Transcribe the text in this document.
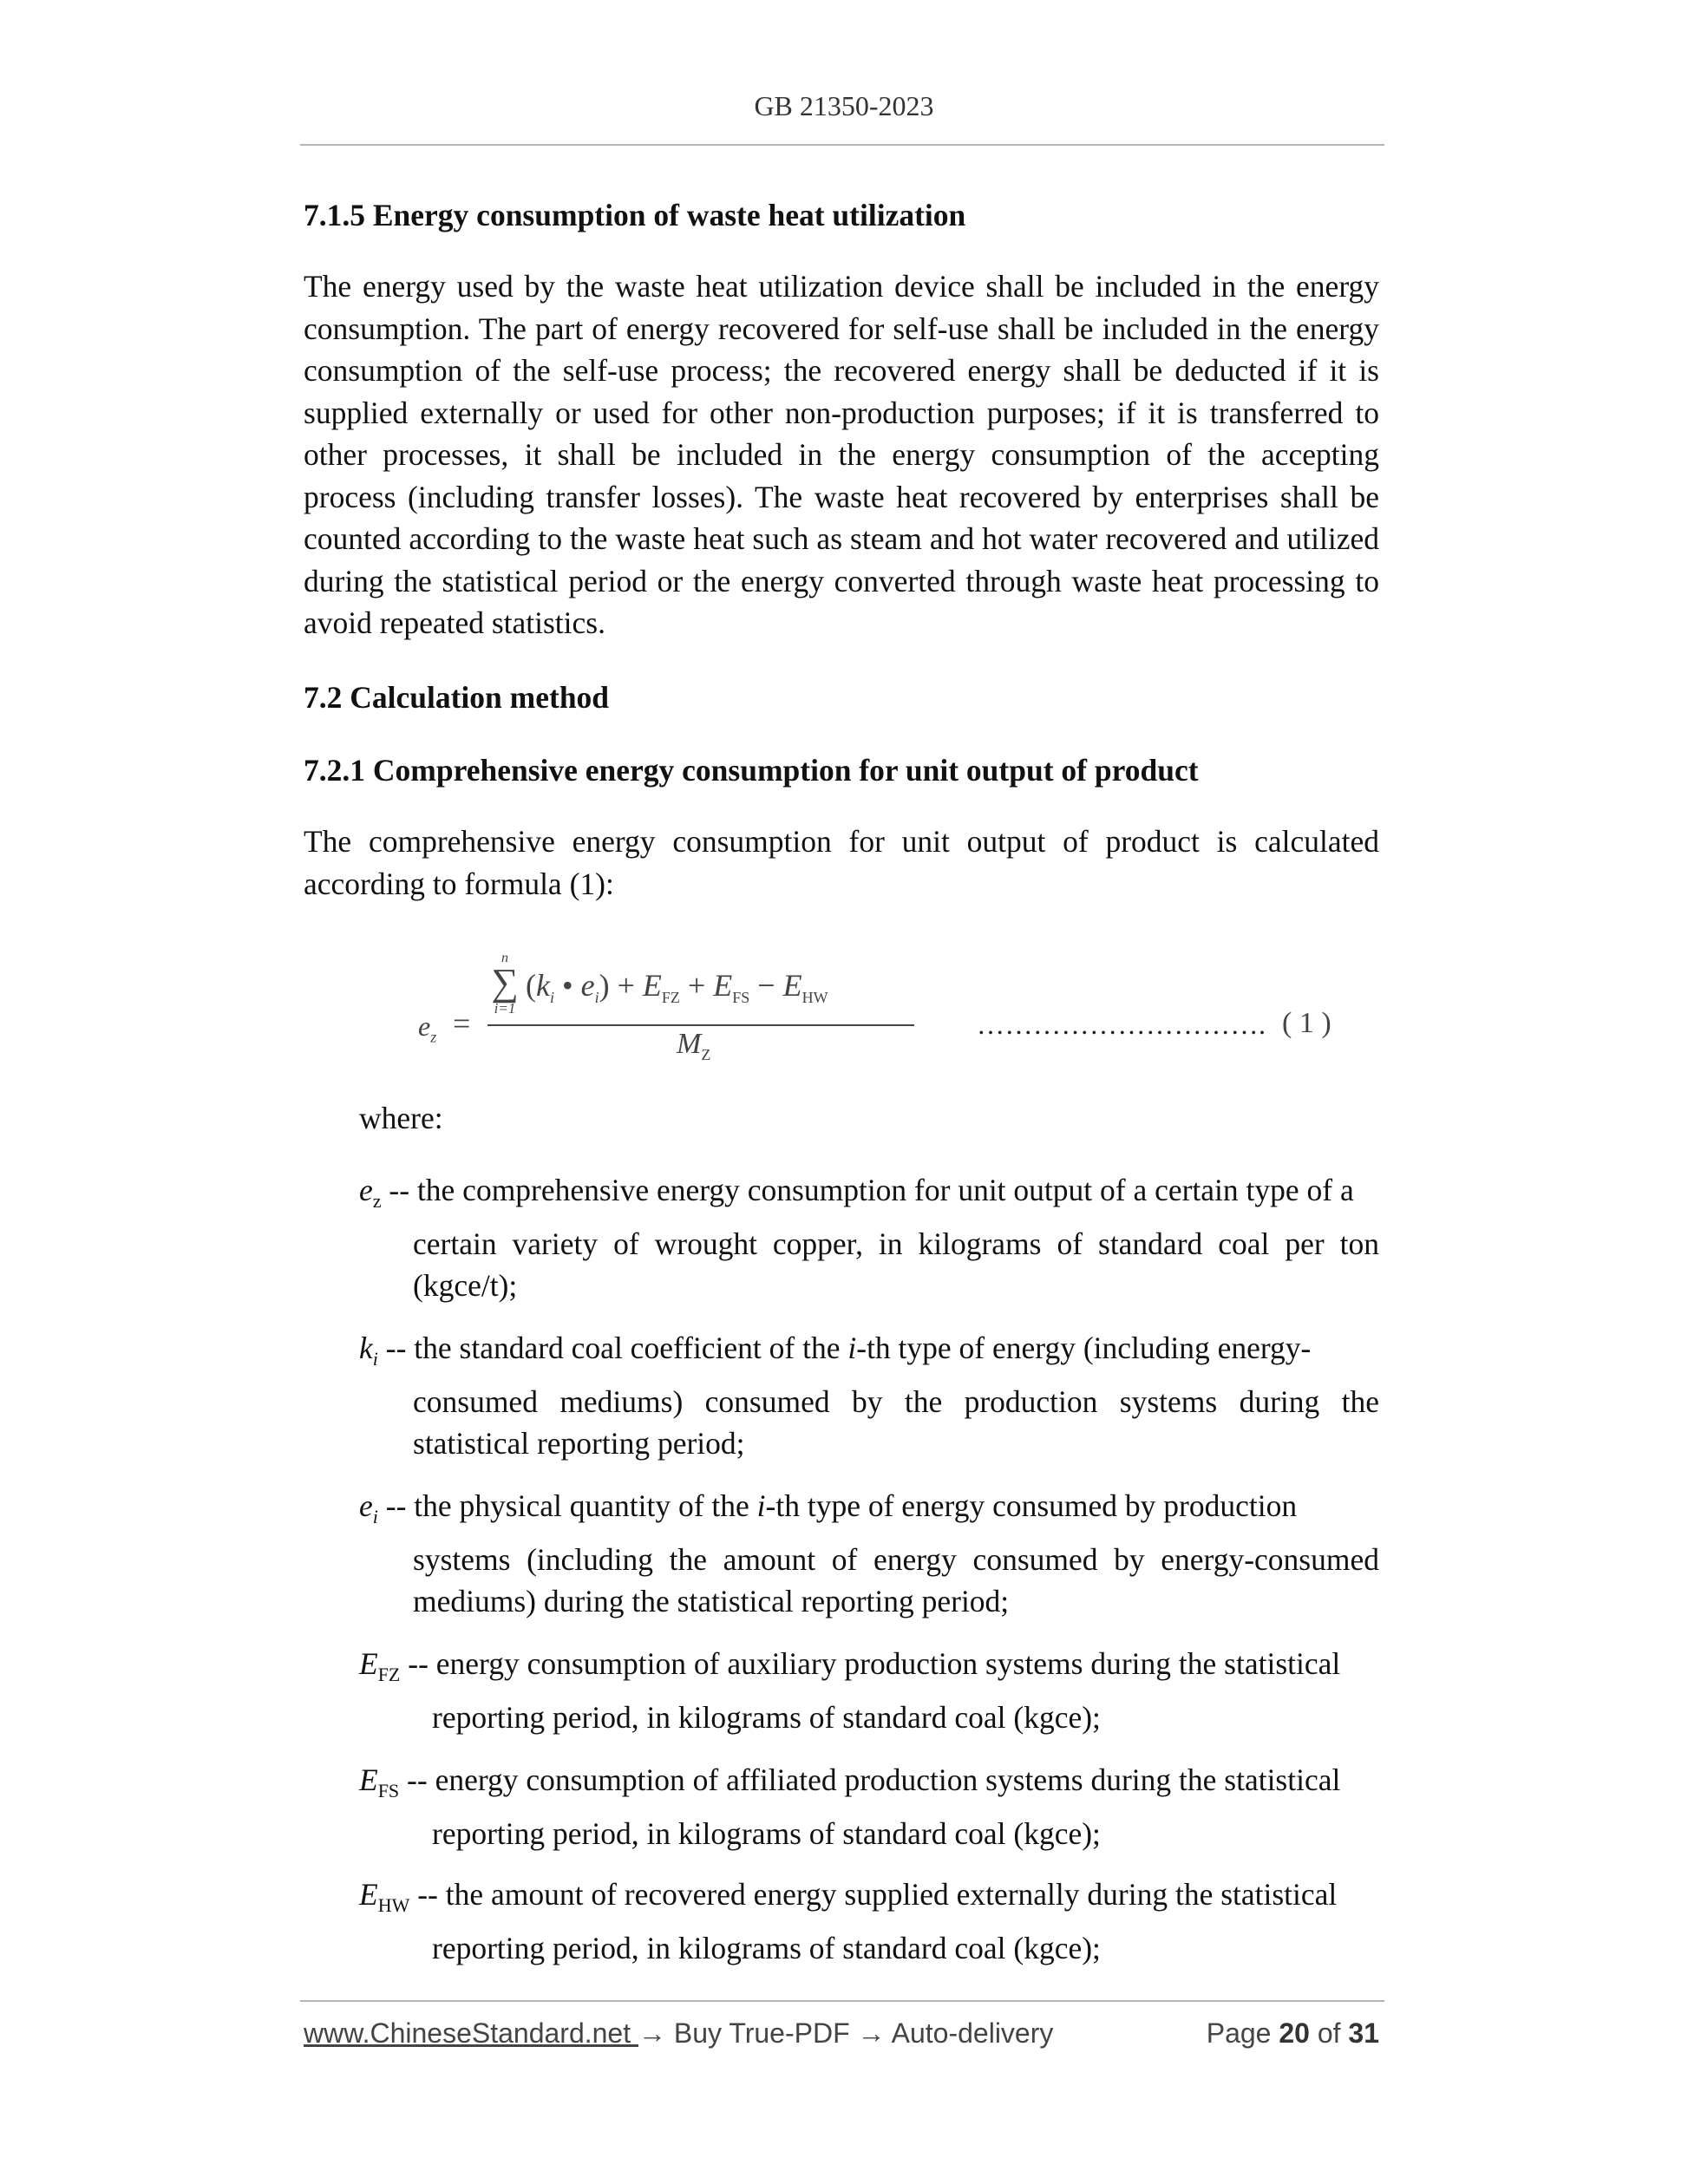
GB 21350-2023
7.1.5 Energy consumption of waste heat utilization
The energy used by the waste heat utilization device shall be included in the energy consumption. The part of energy recovered for self-use shall be included in the energy consumption of the self-use process; the recovered energy shall be deducted if it is supplied externally or used for other non-production purposes; if it is transferred to other processes, it shall be included in the energy consumption of the accepting process (including transfer losses). The waste heat recovered by enterprises shall be counted according to the waste heat such as steam and hot water recovered and utilized during the statistical period or the energy converted through waste heat processing to avoid repeated statistics.
7.2 Calculation method
7.2.1 Comprehensive energy consumption for unit output of product
The comprehensive energy consumption for unit output of product is calculated according to formula (1):
$e_z$ =
n
∑
i=1
($k_i$ • $e_i) + E_{FZ} + E_{FS} - E_{HW}$
$M_Z$
…………………………. ( 1 )
where:

$e_z$ -- the comprehensive energy consumption for unit output of a certain type of a

certain variety of wrought copper, in kilograms of standard coal per ton (kgce/t);

$k_i$ -- the standard coal coefficient of the i-th type of energy (including energy-

consumed mediums) consumed by the production systems during the statistical reporting period;

$e_i$ -- the physical quantity of the i-th type of energy consumed by production

systems (including the amount of energy consumed by energy-consumed mediums) during the statistical reporting period;

$E_{FZ}$ -- energy consumption of auxiliary production systems during the statistical

reporting period, in kilograms of standard coal (kgce);

$E_{FS}$ -- energy consumption of affiliated production systems during the statistical

reporting period, in kilograms of standard coal (kgce);

$E_{HW}$ -- the amount of recovered energy supplied externally during the statistical

reporting period, in kilograms of standard coal (kgce);

www.ChineseStandard.net → Buy True-PDF → Auto-delivery	Page 20 of 31
